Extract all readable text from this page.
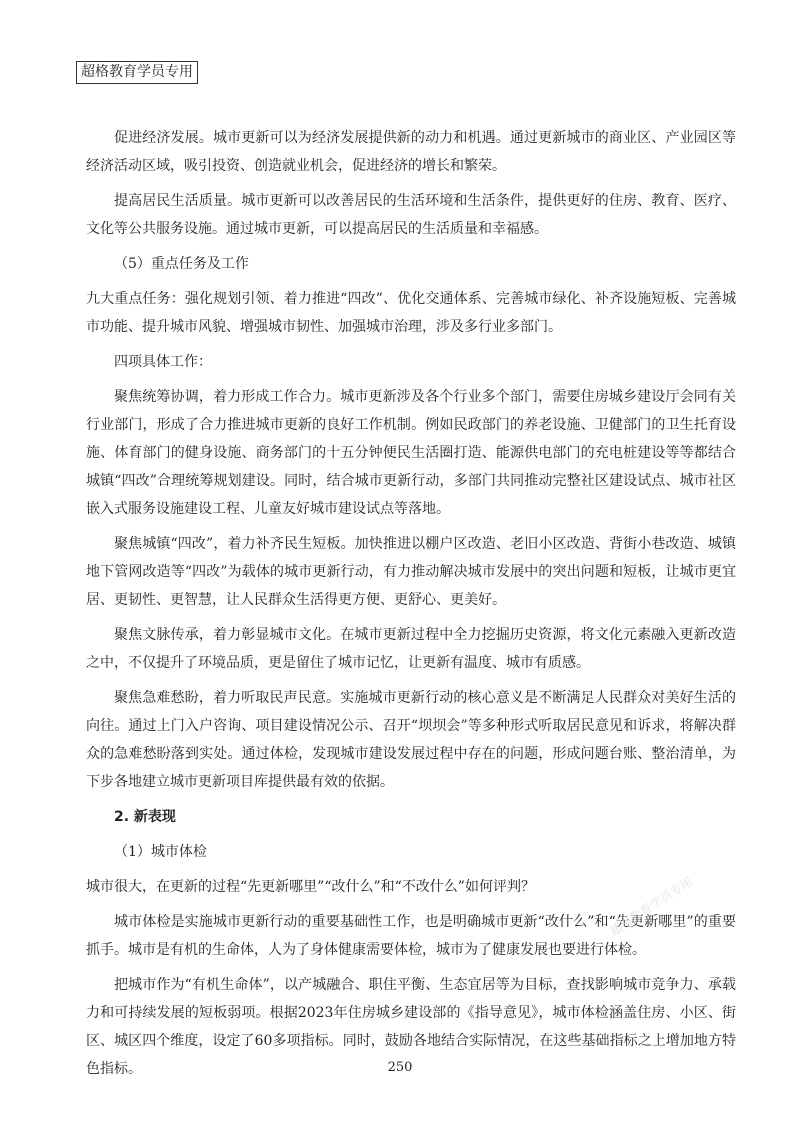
超格教育学员专用

促进经济发展。城市更新可以为经济发展提供新的动力和机遇。通过更新城市的商业区、产业园区等经济活动区域，吸引投资、创造就业机会，促进经济的增长和繁荣。

提高居民生活质量。城市更新可以改善居民的生活环境和生活条件，提供更好的住房、教育、医疗、文化等公共服务设施。通过城市更新，可以提高居民的生活质量和幸福感。

（5）重点任务及工作

九大重点任务：强化规划引领、着力推进“四改”、优化交通体系、完善城市绿化、补齐设施短板、完善城市功能、提升城市风貌、增强城市韧性、加强城市治理，涉及多行业多部门。

四项具体工作：

聚焦统筹协调，着力形成工作合力。城市更新涉及各个行业多个部门，需要住房城乡建设厅会同有关行业部门，形成了合力推进城市更新的良好工作机制。例如民政部门的养老设施、卫健部门的卫生托育设施、体育部门的健身设施、商务部门的十五分钟便民生活圈打造、能源供电部门的充电桩建设等等都结合城镇“四改”合理统筹规划建设。同时，结合城市更新行动，多部门共同推动完整社区建设试点、城市社区嵌入式服务设施建设工程、儿童友好城市建设试点等落地。

聚焦城镇“四改”，着力补齐民生短板。加快推进以棚户区改造、老旧小区改造、背街小巷改造、城镇地下管网改造等“四改”为载体的城市更新行动，有力推动解决城市发展中的突出问题和短板，让城市更宜居、更韧性、更智慧，让人民群众生活得更方便、更舒心、更美好。

聚焦文脉传承，着力彰显城市文化。在城市更新过程中全力挖掘历史资源，将文化元素融入更新改造之中，不仅提升了环境品质，更是留住了城市记忆，让更新有温度、城市有质感。

聚焦急难愁盼，着力听取民声民意。实施城市更新行动的核心意义是不断满足人民群众对美好生活的向往。通过上门入户咨询、项目建设情况公示、召开“坝坝会”等多种形式听取居民意见和诉求，将解决群众的急难愁盼落到实处。通过体检，发现城市建设发展过程中存在的问题，形成问题台账、整治清单，为下步各地建立城市更新项目库提供最有效的依据。

2. 新表现

（1）城市体检

城市很大，在更新的过程“先更新哪里”“改什么”和“不改什么”如何评判？

城市体检是实施城市更新行动的重要基础性工作，也是明确城市更新“改什么”和“先更新哪里”的重要抓手。城市是有机的生命体，人为了身体健康需要体检，城市为了健康发展也要进行体检。

把城市作为“有机生命体”，以产城融合、职住平衡、生态宜居等为目标，查找影响城市竞争力、承载力和可持续发展的短板弱项。根据2023年住房城乡建设部的《指导意见》，城市体检涵盖住房、小区、街区、城区四个维度，设定了60多项指标。同时，鼓励各地结合实际情况，在这些基础指标之上增加地方特色指标。

超格教育学员专用
250
